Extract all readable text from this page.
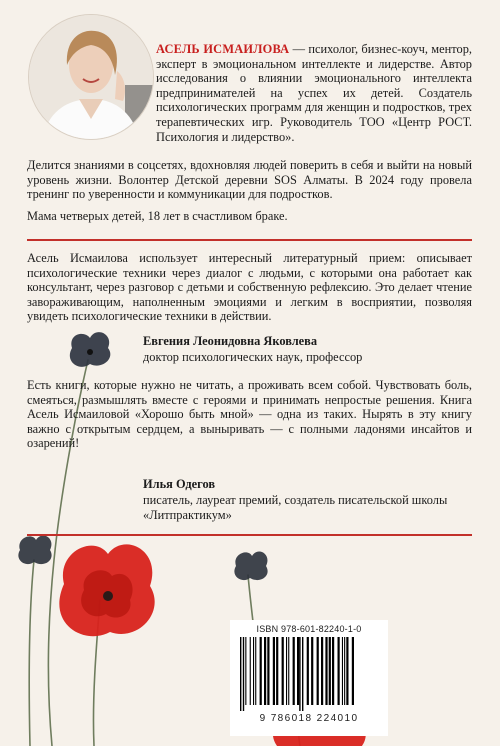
АСЕЛЬ ИСМАИЛОВА — психолог, бизнес-коуч, ментор, эксперт в эмоциональном интеллекте и лидерстве. Автор исследования о влиянии эмоционального интеллекта предпринимателей на успех их детей. Создатель психологических программ для женщин и подростков, трех терапевтических игр. Руководитель ТОО «Центр РОСТ. Психология и лидерство».
Делится знаниями в соцсетях, вдохновляя людей поверить в себя и выйти на новый уровень жизни. Волонтер Детской деревни SOS Алматы. В 2024 году провела тренинг по уверенности и коммуникации для подростков.
Мама четверых детей, 18 лет в счастливом браке.
Асель Исмаилова использует интересный литературный прием: описывает психологические техники через диалог с людьми, с которыми она работает как консультант, через разговор с детьми и собственную рефлексию. Это делает чтение завораживающим, наполненным эмоциями и легким в восприятии, позволяя увидеть психологические техники в действии.
Евгения Леонидовна Яковлева
доктор психологических наук, профессор
Есть книги, которые нужно не читать, а проживать всем собой. Чувствовать боль, смеяться, размышлять вместе с героями и принимать непростые решения. Книга Асель Исмаиловой «Хорошо быть мной» — одна из таких. Нырять в эту книгу важно с открытым сердцем, а выныривать — с полными ладонями инсайтов и озарений!
Илья Одегов
писатель, лауреат премий, создатель писательской школы «Литпрактикум»
ISBN 978-601-82240-1-0
9 786018 224010
